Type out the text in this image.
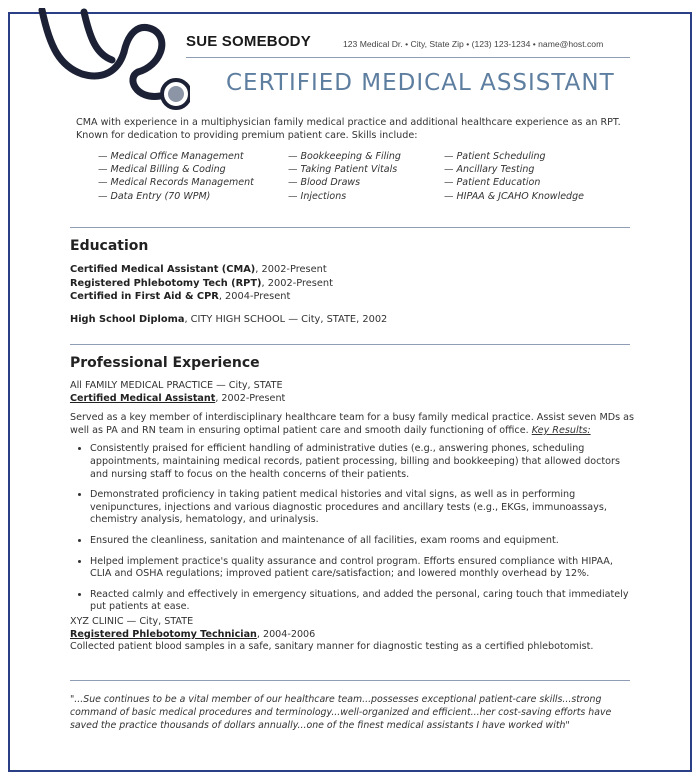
SUE SOMEBODY	123 Medical Dr. • City, State Zip • (123) 123-1234 • name@host.com
CERTIFIED MEDICAL ASSISTANT
CMA with experience in a multiphysician family medical practice and additional healthcare experience as an RPT. Known for dedication to providing premium patient care. Skills include:
— Medical Office Management
— Medical Billing & Coding
— Medical Records Management
— Data Entry (70 WPM)
— Bookkeeping & Filing
— Taking Patient Vitals
— Blood Draws
— Injections
— Patient Scheduling
— Ancillary Testing
— Patient Education
— HIPAA & JCAHO Knowledge
Education
Certified Medical Assistant (CMA), 2002-Present
Registered Phlebotomy Tech (RPT), 2002-Present
Certified in First Aid & CPR, 2004-Present
High School Diploma, CITY HIGH SCHOOL — City, STATE, 2002
Professional Experience
All FAMILY MEDICAL PRACTICE — City, STATE
Certified Medical Assistant, 2002-Present
Served as a key member of interdisciplinary healthcare team for a busy family medical practice. Assist seven MDs as well as PA and RN team in ensuring optimal patient care and smooth daily functioning of office. Key Results:
• Consistently praised for efficient handling of administrative duties (e.g., answering phones, scheduling appointments, maintaining medical records, patient processing, billing and bookkeeping) that allowed doctors and nursing staff to focus on the health concerns of their patients.
• Demonstrated proficiency in taking patient medical histories and vital signs, as well as in performing venipunctures, injections and various diagnostic procedures and ancillary tests (e.g., EKGs, immunoassays, chemistry analysis, hematology, and urinalysis.
• Ensured the cleanliness, sanitation and maintenance of all facilities, exam rooms and equipment.
• Helped implement practice's quality assurance and control program. Efforts ensured compliance with HIPAA, CLIA and OSHA regulations; improved patient care/satisfaction; and lowered monthly overhead by 12%.
• Reacted calmly and effectively in emergency situations, and added the personal, caring touch that immediately put patients at ease.
XYZ CLINIC — City, STATE
Registered Phlebotomy Technician, 2004-2006
Collected patient blood samples in a safe, sanitary manner for diagnostic testing as a certified phlebotomist.
"...Sue continues to be a vital member of our healthcare team...possesses exceptional patient-care skills...strong command of basic medical procedures and terminology...well-organized and efficient...her cost-saving efforts have saved the practice thousands of dollars annually...one of the finest medical assistants I have worked with"
